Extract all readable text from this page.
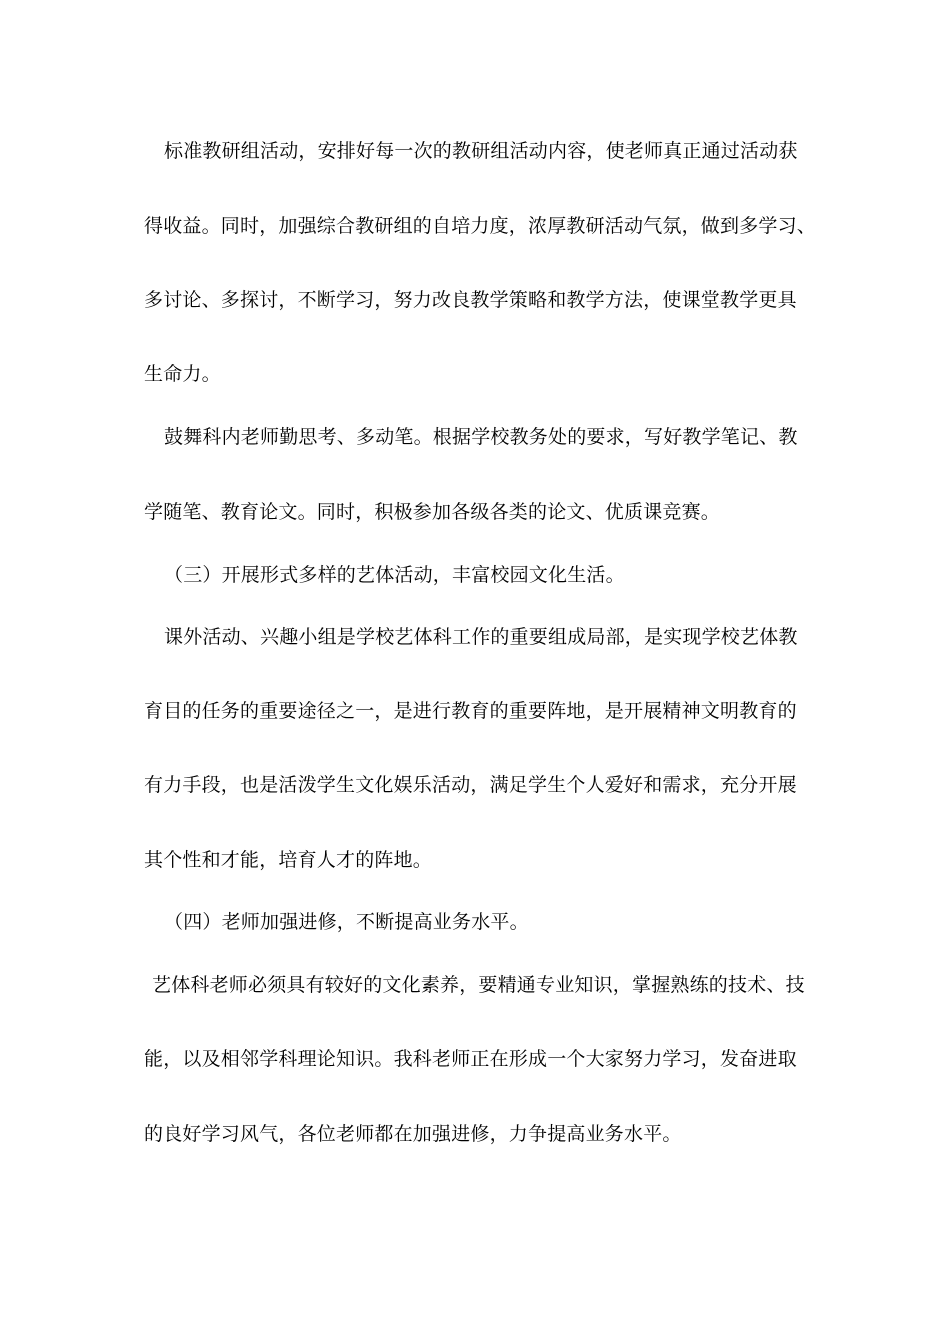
标准教研组活动，安排好每一次的教研组活动内容，使老师真正通过活动获

得收益。同时，加强综合教研组的自培力度，浓厚教研活动气氛，做到多学习、

多讨论、多探讨，不断学习，努力改良教学策略和教学方法，使课堂教学更具

生命力。

鼓舞科内老师勤思考、多动笔。根据学校教务处的要求，写好教学笔记、教

学随笔、教育论文。同时，积极参加各级各类的论文、优质课竞赛。

（三）开展形式多样的艺体活动，丰富校园文化生活。

课外活动、兴趣小组是学校艺体科工作的重要组成局部，是实现学校艺体教

育目的任务的重要途径之一，是进行教育的重要阵地，是开展精神文明教育的

有力手段，也是活泼学生文化娱乐活动，满足学生个人爱好和需求，充分开展

其个性和才能，培育人才的阵地。

（四）老师加强进修，不断提高业务水平。

艺体科老师必须具有较好的文化素养，要精通专业知识，掌握熟练的技术、技

能，以及相邻学科理论知识。我科老师正在形成一个大家努力学习，发奋进取

的良好学习风气，各位老师都在加强进修，力争提高业务水平。
